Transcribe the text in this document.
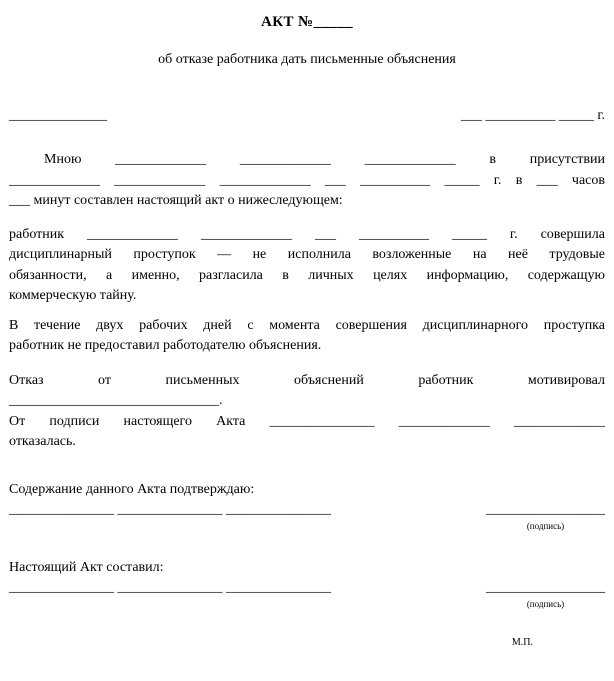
АКТ №_____
об отказе работника дать письменные объяснения
______________	___ __________ _____ г.
Мною _____________ _____________ _____________ в присутствии
_____________ _____________ _____________ ___ __________ _____ г. в ___ часов
___ минут составлен настоящий акт о нижеследующем:
работник _____________ _____________ ___ __________ _____ г. совершила
дисциплинарный проступок — не исполнила возложенные на неё трудовые
обязанности, а именно, разгласила в личных целях информацию, содержащую
коммерческую тайну.
В течение двух рабочих дней с момента совершения дисциплинарного проступка
работник не предоставил работодателю объяснения.
Отказ от письменных объяснений работник мотивировал
______________________________.
От подписи настоящего Акта _______________ _____________ _____________
отказалась.
Содержание данного Акта подтверждаю:
_______________ _______________ _______________	_________________
(подпись)
Настоящий Акт составил:
_______________ _______________ _______________	_________________
(подпись)
М.П.
